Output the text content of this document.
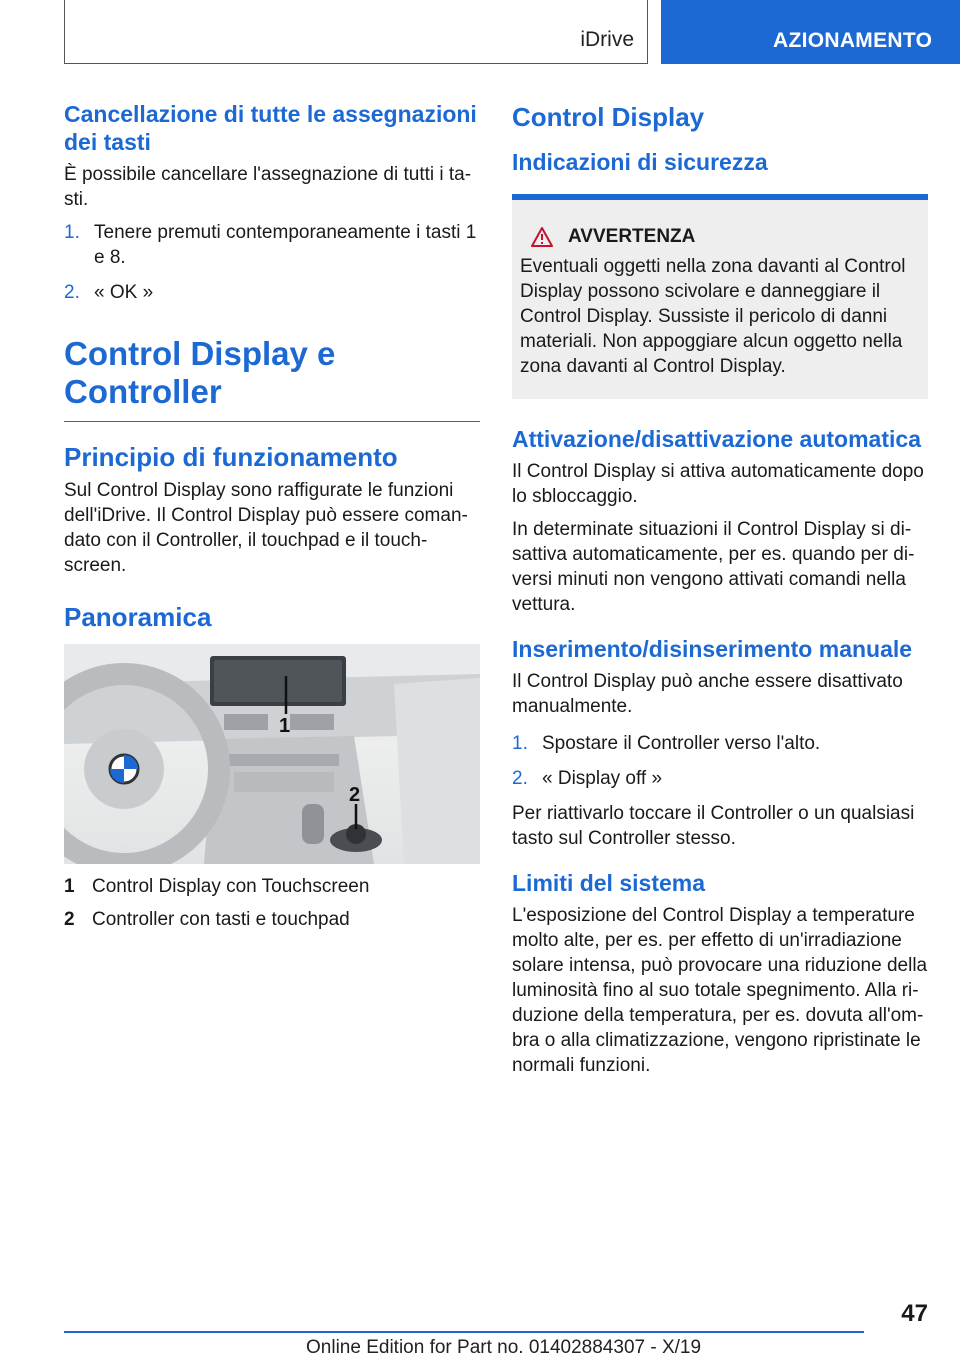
iDrive	AZIONAMENTO
Cancellazione di tutte le assegnazioni dei tasti

È possibile cancellare l'assegnazione di tutti i ta-sti.

1. Tenere premuti contemporaneamente i tasti 1 e 8.
2. « OK »
Control Display e Controller
Principio di funzionamento

Sul Control Display sono raffigurate le funzioni dell'iDrive. Il Control Display può essere coman-dato con il Controller, il touchpad e il touch-screen.

Panoramica
1
2
1 Control Display con Touchscreen
2 Controller con tasti e touchpad
Control Display
Indicazioni di sicurezza
AVVERTENZA

Eventuali oggetti nella zona davanti al Control Display possono scivolare e danneggiare il Control Display. Sussiste il pericolo di danni materiali. Non appoggiare alcun oggetto nella zona davanti al Control Display.

Attivazione/disattivazione automatica

Il Control Display si attiva automaticamente dopo lo sbloccaggio.

In determinate situazioni il Control Display si di-sattiva automaticamente, per es. quando per di-versi minuti non vengono attivati comandi nella vettura.

Inserimento/disinserimento manuale

Il Control Display può anche essere disattivato manualmente.

1. Spostare il Controller verso l'alto.
2. « Display off »

Per riattivarlo toccare il Controller o un qualsiasi tasto sul Controller stesso.

Limiti del sistema

L'esposizione del Control Display a temperature molto alte, per es. per effetto di un'irradiazione solare intensa, può provocare una riduzione della luminosità fino al suo totale spegnimento. Alla ri-duzione della temperatura, per es. dovuta all'om-bra o alla climatizzazione, vengono ripristinate le normali funzioni.

47
Online Edition for Part no. 01402884307 - X/19
